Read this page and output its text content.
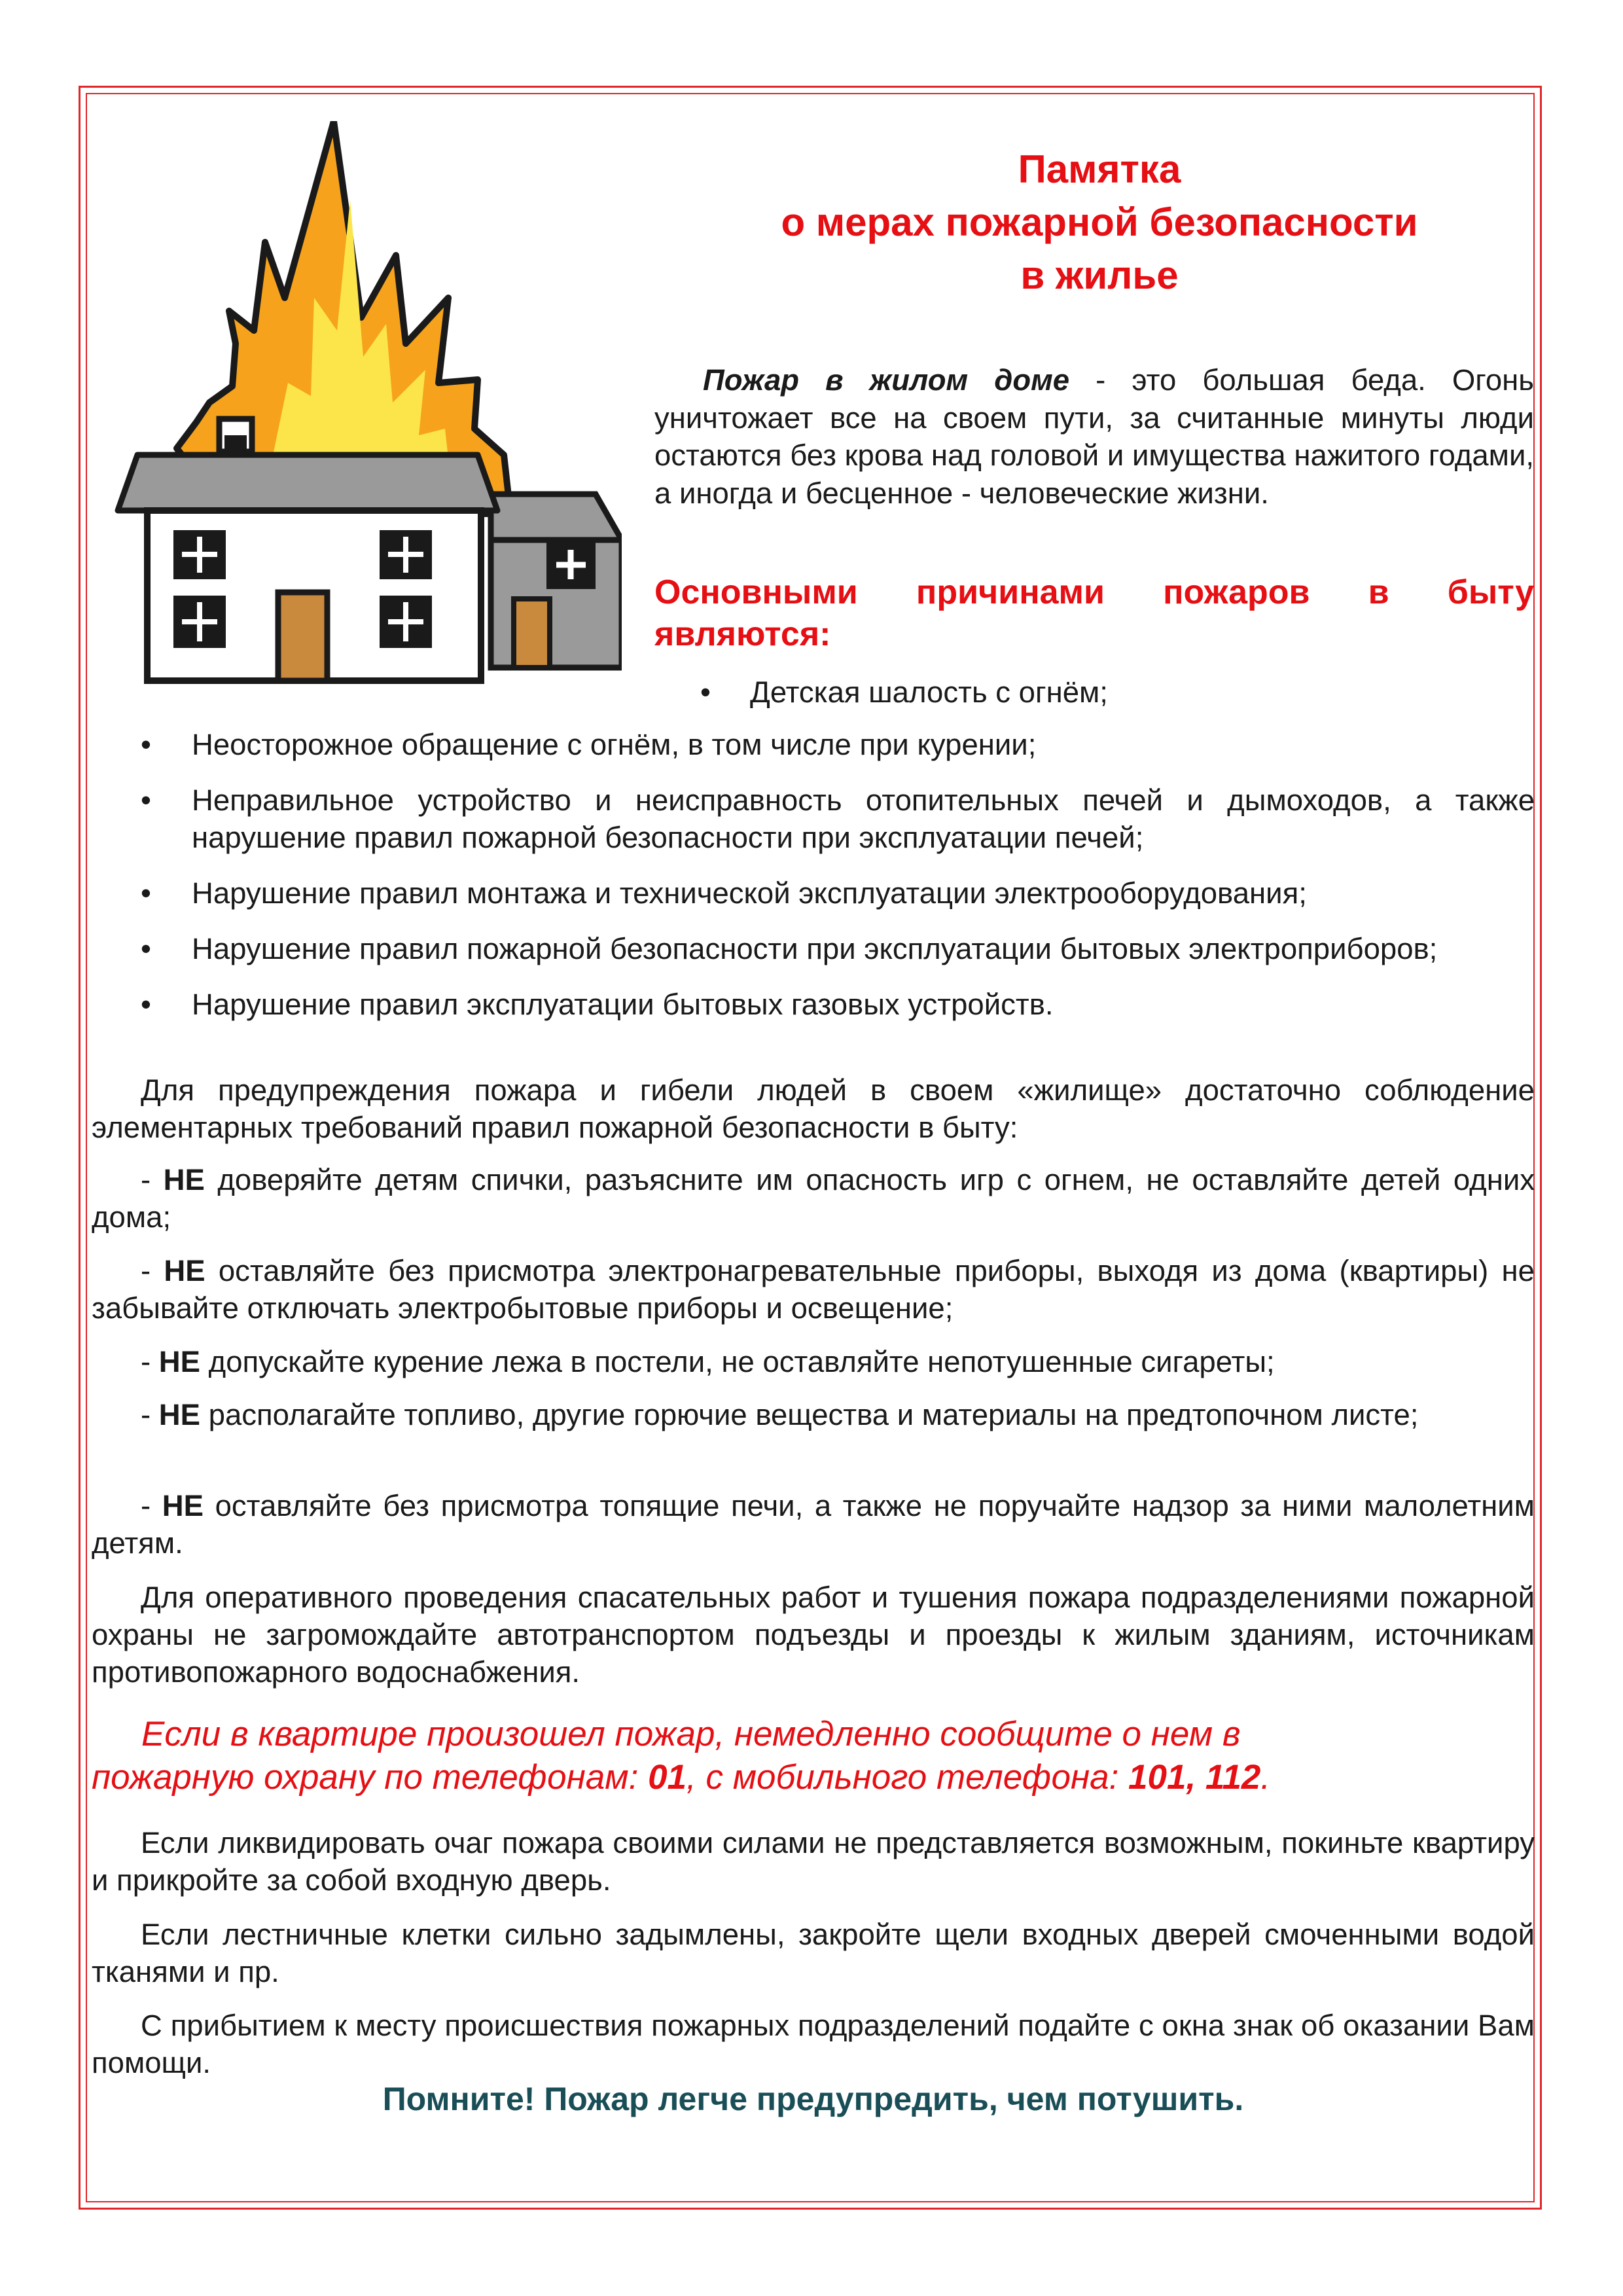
Памятка
о мерах пожарной безопасности
в жилье
Пожар в жилом доме - это большая беда. Огонь
уничтожает все на своем пути, за считанные минуты люди остаются без крова над головой и имущества нажитого годами, а иногда и бесценное - человеческие жизни.
Основными причинами пожаров в быту
являются:
• Детская шалость с огнём;
• Неосторожное обращение с огнём, в том числе при курении;
• Неправильное устройство и неисправность отопительных печей и дымоходов, а также нарушение правил пожарной безопасности при эксплуатации печей;
• Нарушение правил монтажа и технической эксплуатации электрооборудования;
• Нарушение правил пожарной безопасности при эксплуатации бытовых электроприборов;
• Нарушение правил эксплуатации бытовых газовых устройств.

Для предупреждения пожара и гибели людей в своем «жилище» достаточно соблюдение элементарных требований правил пожарной безопасности в быту:

- НЕ доверяйте детям спички, разъясните им опасность игр с огнем, не оставляйте детей одних дома;

- НЕ оставляйте без присмотра электронагревательные приборы, выходя из дома (квартиры) не забывайте отключать электробытовые приборы и освещение;

- НЕ допускайте курение лежа в постели, не оставляйте непотушенные сигареты;

- НЕ располагайте топливо, другие горючие вещества и материалы на предтопочном листе;

- НЕ оставляйте без присмотра топящие печи, а также не поручайте надзор за ними малолетним детям.

Для оперативного проведения спасательных работ и тушения пожара подразделениями пожарной охраны не загромождайте автотранспортом подъезды и проезды к жилым зданиям, источникам противопожарного водоснабжения.

Если в квартире произошел пожар, немедленно сообщите о нем в
пожарную охрану по телефонам: 01, с мобильного телефона: 101, 112.

Если ликвидировать очаг пожара своими силами не представляется возможным, покиньте квартиру и прикройте за собой входную дверь.

Если лестничные клетки сильно задымлены, закройте щели входных дверей смоченными водой тканями и пр.

С прибытием к месту происшествия пожарных подразделений подайте с окна знак об оказании Вам помощи.

Помните! Пожар легче предупредить, чем потушить.
